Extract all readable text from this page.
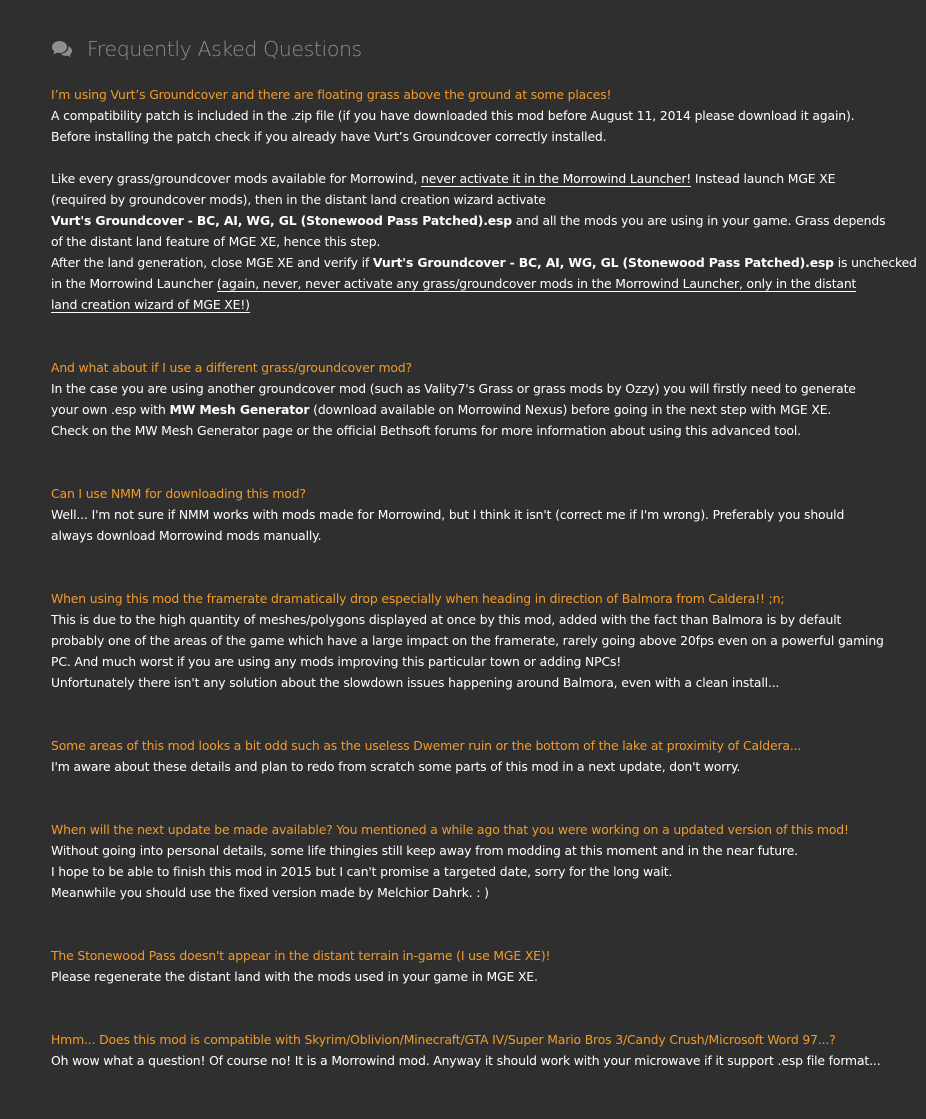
Frequently Asked Questions
I’m using Vurt’s Groundcover and there are floating grass above the ground at some places!
A compatibility patch is included in the .zip file (if you have downloaded this mod before August 11, 2014 please download it again).
Before installing the patch check if you already have Vurt’s Groundcover correctly installed.
Like every grass/groundcover mods available for Morrowind, never activate it in the Morrowind Launcher! Instead launch MGE XE
(required by groundcover mods), then in the distant land creation wizard activate
Vurt's Groundcover - BC, AI, WG, GL (Stonewood Pass Patched).esp and all the mods you are using in your game. Grass depends
of the distant land feature of MGE XE, hence this step.
After the land generation, close MGE XE and verify if Vurt's Groundcover - BC, AI, WG, GL (Stonewood Pass Patched).esp is unchecked
in the Morrowind Launcher (again, never, never activate any grass/groundcover mods in the Morrowind Launcher, only in the distant
land creation wizard of MGE XE!)
And what about if I use a different grass/groundcover mod?
In the case you are using another groundcover mod (such as Vality7's Grass or grass mods by Ozzy) you will firstly need to generate
your own .esp with MW Mesh Generator (download available on Morrowind Nexus) before going in the next step with MGE XE.
Check on the MW Mesh Generator page or the official Bethsoft forums for more information about using this advanced tool.
Can I use NMM for downloading this mod?
Well... I'm not sure if NMM works with mods made for Morrowind, but I think it isn't (correct me if I'm wrong). Preferably you should
always download Morrowind mods manually.
When using this mod the framerate dramatically drop especially when heading in direction of Balmora from Caldera!! ;n;
This is due to the high quantity of meshes/polygons displayed at once by this mod, added with the fact than Balmora is by default
probably one of the areas of the game which have a large impact on the framerate, rarely going above 20fps even on a powerful gaming
PC. And much worst if you are using any mods improving this particular town or adding NPCs!
Unfortunately there isn't any solution about the slowdown issues happening around Balmora, even with a clean install...
Some areas of this mod looks a bit odd such as the useless Dwemer ruin or the bottom of the lake at proximity of Caldera...
I'm aware about these details and plan to redo from scratch some parts of this mod in a next update, don't worry.
When will the next update be made available? You mentioned a while ago that you were working on a updated version of this mod!
Without going into personal details, some life thingies still keep away from modding at this moment and in the near future.
I hope to be able to finish this mod in 2015 but I can't promise a targeted date, sorry for the long wait.
Meanwhile you should use the fixed version made by Melchior Dahrk. : )
The Stonewood Pass doesn't appear in the distant terrain in-game (I use MGE XE)!
Please regenerate the distant land with the mods used in your game in MGE XE.
Hmm... Does this mod is compatible with Skyrim/Oblivion/Minecraft/GTA IV/Super Mario Bros 3/Candy Crush/Microsoft Word 97...?
Oh wow what a question! Of course no! It is a Morrowind mod. Anyway it should work with your microwave if it support .esp file format...
